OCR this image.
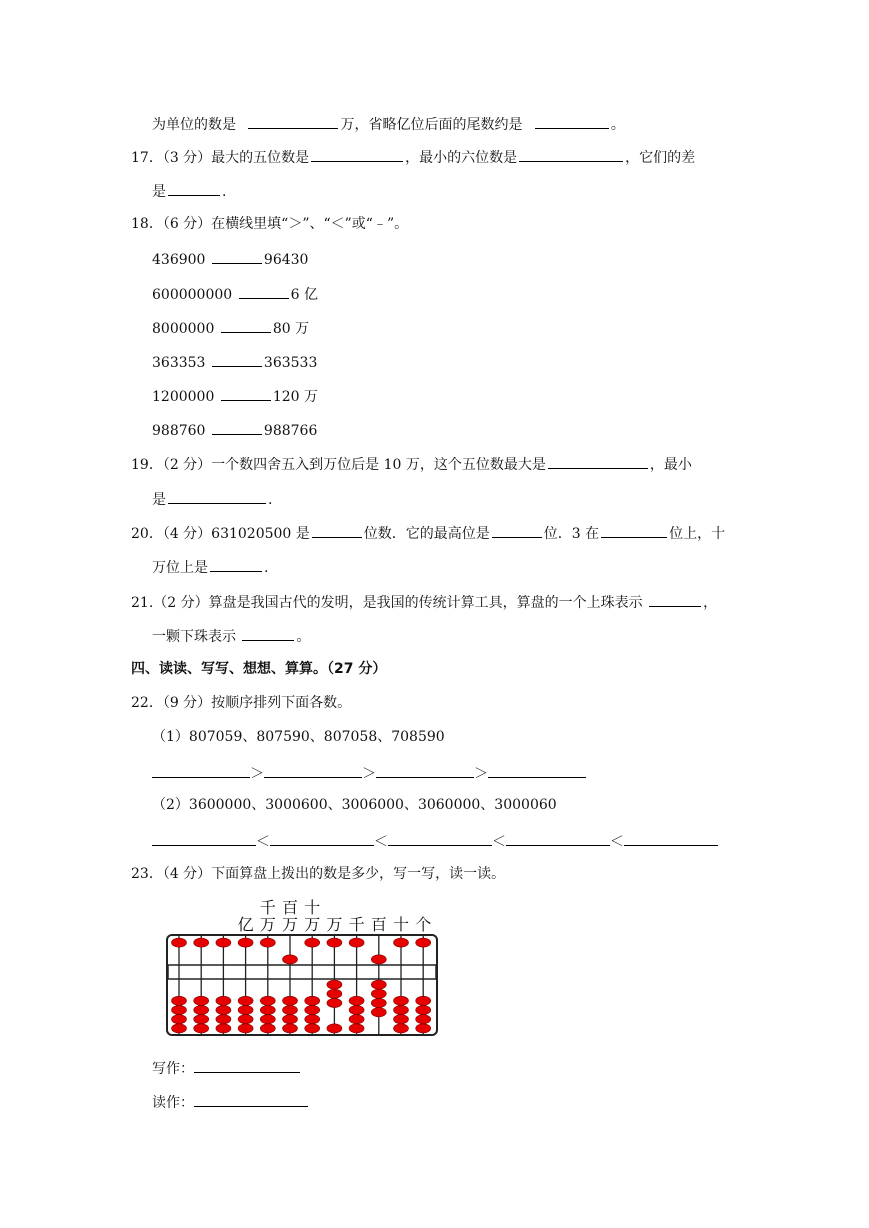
为单位的数是	万，省略亿位后面的尾数约是	。
17．（3 分）最大的五位数是	，最小的六位数是	，它们的差
是	.
18．（6 分）在横线里填“＞”、“＜”或“﹣”。
436900	96430
600000000	6 亿
8000000	80 万
363353	363533
1200000	120 万
988760	988766
19．（2 分）一个数四舍五入到万位后是 10 万，这个五位数最大是	，最小
是	.
20．（4 分）631020500 是	位数．它的最高位是	位．3 在	位上，十
万位上是	.
21.（2 分）算盘是我国古代的发明，是我国的传统计算工具，算盘的一个上珠表示	，
一颗下珠表示	。
四、读读、写写、想想、算算。（27 分）
22．（9 分）按顺序排列下面各数。
（1）807059、807590、807058、708590
＞	＞	＞
（2）3600000、3000600、3006000、3060000、3000060
＜	＜	＜	＜
23．（4 分）下面算盘上拨出的数是多少，写一写，读一读。
千 百 十
亿 万 万 万 万 千 百 十 个
写作：
读作：
